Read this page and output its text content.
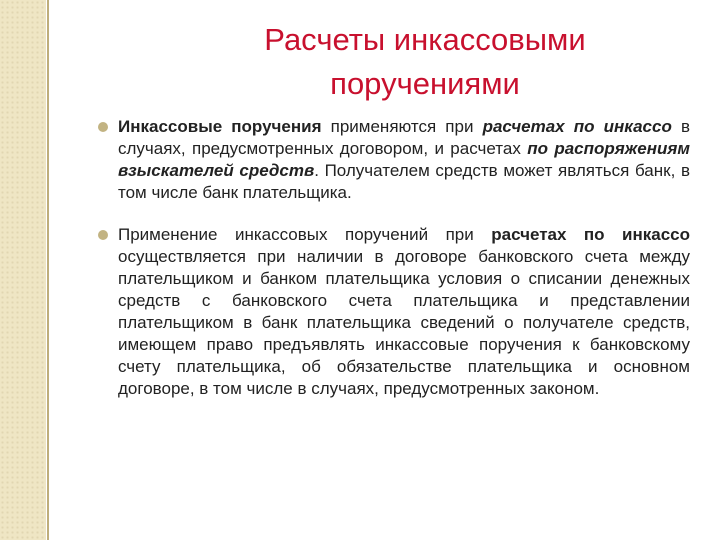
Расчеты инкассовыми
поручениями
Инкассовые поручения применяются при расчетах по инкассо в случаях, предусмотренных договором, и расчетах по распоряжениям взыскателей средств. Получателем средств может являться банк, в том числе банк плательщика.
Применение инкассовых поручений при расчетах по инкассо осуществляется при наличии в договоре банковского счета между плательщиком и банком плательщика условия о списании денежных средств с банковского счета плательщика и представлении плательщиком в банк плательщика сведений о получателе средств, имеющем право предъявлять инкассовые поручения к банковскому счету плательщика, об обязательстве плательщика и основном договоре, в том числе в случаях, предусмотренных законом.
